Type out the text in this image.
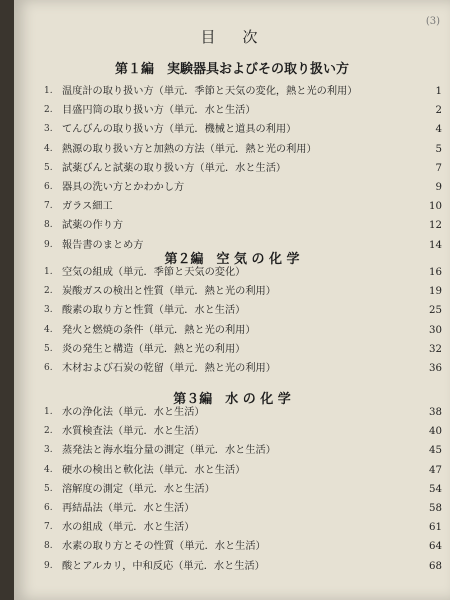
(3)
目　次
第１編　実験器具およびその取り扱い方
1. 温度計の取り扱い方（単元．季節と天気の変化，熱と光の利用）	1
2. 目盛円筒の取り扱い方（単元．水と生活）	2
3. てんびんの取り扱い方（単元．機械と道具の利用）	4
4. 熱源の取り扱い方と加熱の方法（単元．熱と光の利用）	5
5. 試薬びんと試薬の取り扱い方（単元．水と生活）	7
6. 器具の洗い方とかわかし方	9
7. ガラス細工	10
8. 試薬の作り方	12
9. 報告書のまとめ方	14
第２編　空 気 の 化 学
1. 空気の組成（単元．季節と天気の変化）	16
2. 炭酸ガスの検出と性質（単元．熱と光の利用）	19
3. 酸素の取り方と性質（単元．水と生活）	25
4. 発火と燃焼の条件（単元．熱と光の利用）	30
5. 炎の発生と構造（単元．熱と光の利用）	32
6. 木材および石炭の乾留（単元．熱と光の利用）	36
第３編　水 の 化 学
1. 水の浄化法（単元．水と生活）	38
2. 水質検査法（単元．水と生活）	40
3. 蒸発法と海水塩分量の測定（単元．水と生活）	45
4. 硬水の検出と軟化法（単元．水と生活）	47
5. 溶解度の測定（単元．水と生活）	54
6. 再結晶法（単元．水と生活）	58
7. 水の組成（単元．水と生活）	61
8. 水素の取り方とその性質（単元．水と生活）	64
9. 酸とアルカリ，中和反応（単元．水と生活）	68
